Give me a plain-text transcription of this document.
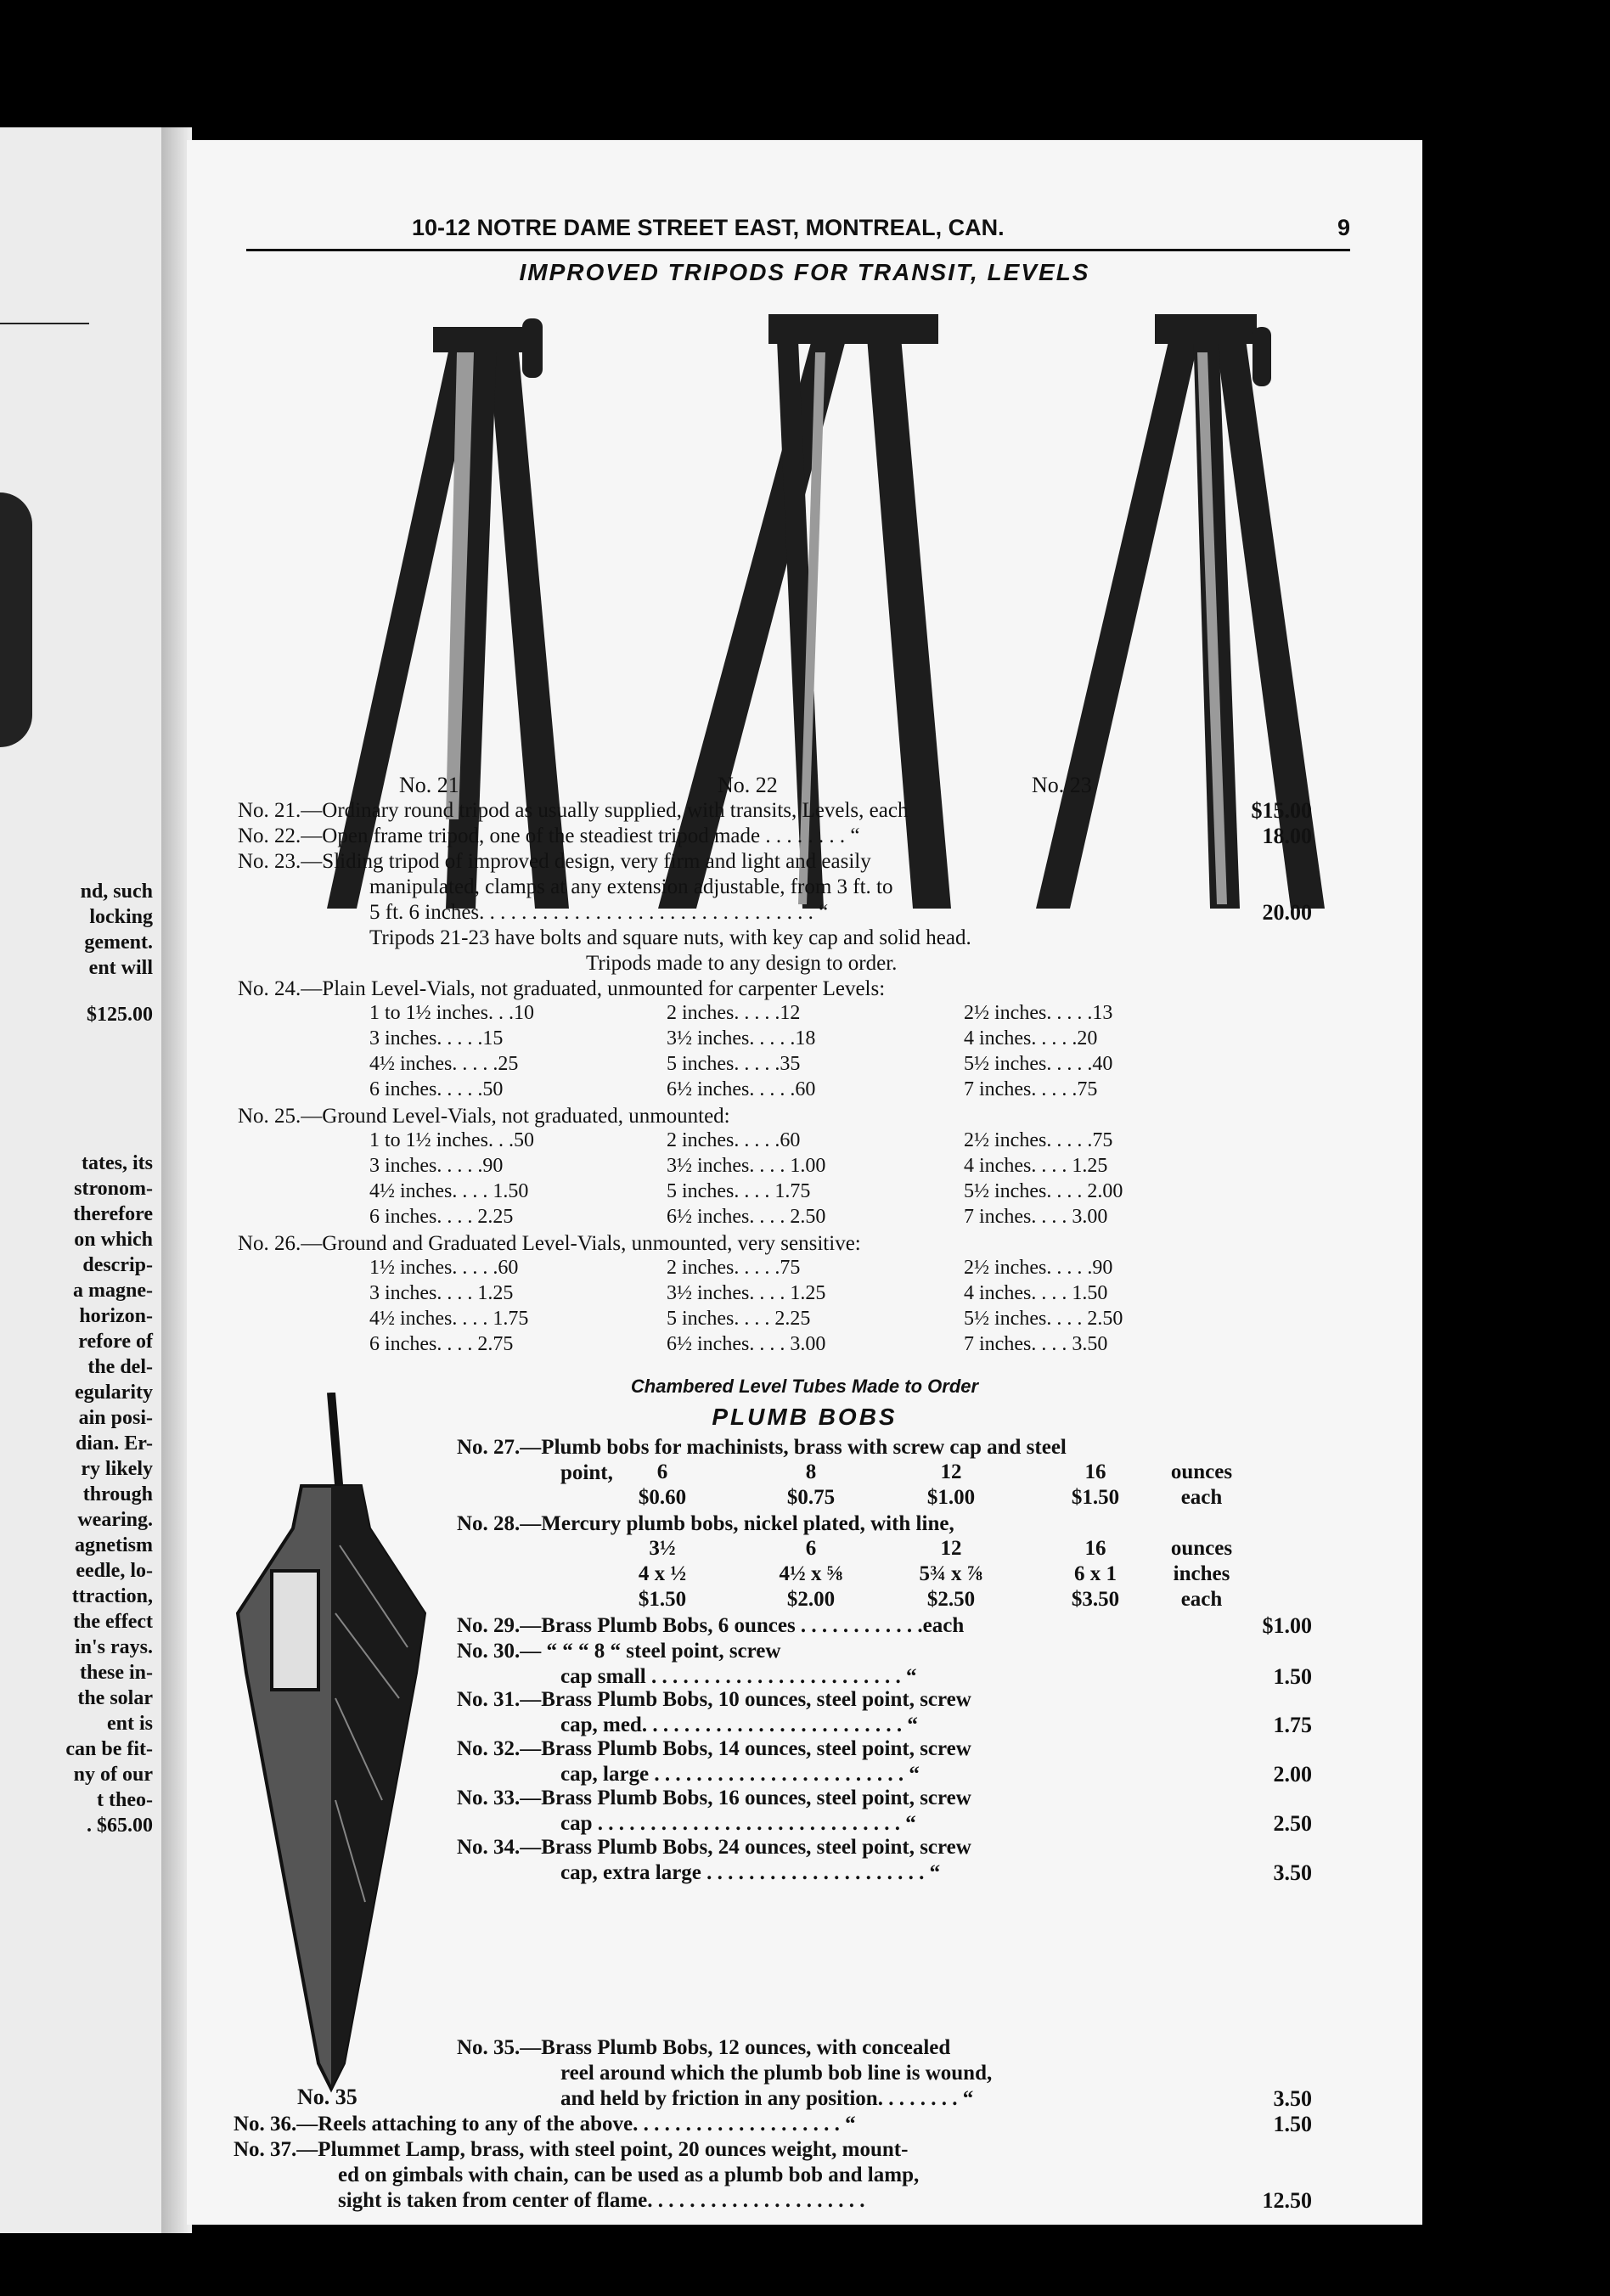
nd, such
locking
gement.
ent will
$125.00
tates, its
stronom-
therefore
on which
descrip-
a magne-
horizon-
refore of
the del-
egularity
ain posi-
dian. Er-
ry likely
through
wearing.
agnetism
eedle, lo-
ttraction,
the effect
in's rays.
these in-
the solar
ent is
can be fit-
ny of our
t theo-
. $65.00
10-12 NOTRE DAME STREET EAST, MONTREAL, CAN.	9
IMPROVED TRIPODS FOR TRANSIT, LEVELS
No. 21	No. 22	No. 23
No. 21.—Ordinary round tripod as usually supplied, with transits, Levels, each	$15.00
No. 22.—Open frame tripod, one of the steadiest tripod made . . . . . . . . “	18.00
No. 23.—Sliding tripod of improved design, very firm and light and easily
manipulated, clamps at any extension adjustable, from 3 ft. to
5 ft. 6 inches. . . . . . . . . . . . . . . . . . . . . . . . . . . . . . . . “	20.00
Tripods 21-23 have bolts and square nuts, with key cap and solid head.
Tripods made to any design to order.
No. 24.—Plain Level-Vials, not graduated, unmounted for carpenter Levels:
1 to 1½ inches. . .10	2 inches. . . . .12	2½ inches. . . . .13
3 inches. . . . .15	3½ inches. . . . .18	4 inches. . . . .20
4½ inches. . . . .25	5 inches. . . . .35	5½ inches. . . . .40
6 inches. . . . .50	6½ inches. . . . .60	7 inches. . . . .75
No. 25.—Ground Level-Vials, not graduated, unmounted:
1 to 1½ inches. . .50	2 inches. . . . .60	2½ inches. . . . .75
3 inches. . . . .90	3½ inches. . . . 1.00	4 inches. . . . 1.25
4½ inches. . . . 1.50	5 inches. . . . 1.75	5½ inches. . . . 2.00
6 inches. . . . 2.25	6½ inches. . . . 2.50	7 inches. . . . 3.00
No. 26.—Ground and Graduated Level-Vials, unmounted, very sensitive:
1½ inches. . . . .60	2 inches. . . . .75	2½ inches. . . . .90
3 inches. . . . 1.25	3½ inches. . . . 1.25	4 inches. . . . 1.50
4½ inches. . . . 1.75	5 inches. . . . 2.25	5½ inches. . . . 2.50
6 inches. . . . 2.75	6½ inches. . . . 3.00	7 inches. . . . 3.50
Chambered Level Tubes Made to Order
PLUMB BOBS
No. 35
No. 27.—Plumb bobs for machinists, brass with screw cap and steel
point,	6	8	12	16	ounces
$0.60	$0.75	$1.00	$1.50	each
No. 28.—Mercury plumb bobs, nickel plated, with line,
3½	6	12	16	ounces
4 x ½	4½ x ⅝	5¾ x ⅞	6 x 1	inches
$1.50	$2.00	$2.50	$3.50	each
No. 29.—Brass Plumb Bobs, 6 ounces . . . . . . . . . . . .each	$1.00
No. 30.— “ “ “ 8 “ steel point, screw
cap small . . . . . . . . . . . . . . . . . . . . . . . . “	1.50
No. 31.—Brass Plumb Bobs, 10 ounces, steel point, screw
cap, med. . . . . . . . . . . . . . . . . . . . . . . . . “	1.75
No. 32.—Brass Plumb Bobs, 14 ounces, steel point, screw
cap, large . . . . . . . . . . . . . . . . . . . . . . . . “	2.00
No. 33.—Brass Plumb Bobs, 16 ounces, steel point, screw
cap . . . . . . . . . . . . . . . . . . . . . . . . . . . . . “	2.50
No. 34.—Brass Plumb Bobs, 24 ounces, steel point, screw
cap, extra large . . . . . . . . . . . . . . . . . . . . . “	3.50
No. 35.—Brass Plumb Bobs, 12 ounces, with concealed
reel around which the plumb bob line is wound,
and held by friction in any position. . . . . . . . “	3.50
No. 36.—Reels attaching to any of the above. . . . . . . . . . . . . . . . . . . . “	1.50
No. 37.—Plummet Lamp, brass, with steel point, 20 ounces weight, mount-
ed on gimbals with chain, can be used as a plumb bob and lamp,
sight is taken from center of flame. . . . . . . . . . . . . . . . . . . . .	12.50
